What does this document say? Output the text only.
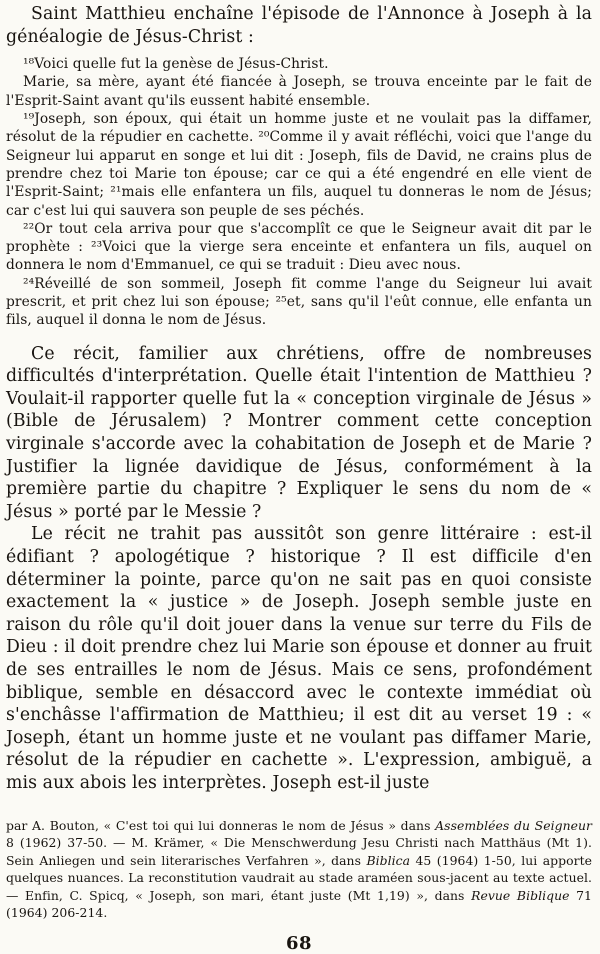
Saint Matthieu enchaîne l'épisode de l'Annonce à Joseph à la généalogie de Jésus-Christ :

¹⁸Voici quelle fut la genèse de Jésus-Christ.

Marie, sa mère, ayant été fiancée à Joseph, se trouva enceinte par le fait de l'Esprit-Saint avant qu'ils eussent habité ensemble.

¹⁹Joseph, son époux, qui était un homme juste et ne voulait pas la diffamer, résolut de la répudier en cachette. ²⁰Comme il y avait réfléchi, voici que l'ange du Seigneur lui apparut en songe et lui dit : Joseph, fils de David, ne crains plus de prendre chez toi Marie ton épouse; car ce qui a été engendré en elle vient de l'Esprit-Saint; ²¹mais elle enfantera un fils, auquel tu donneras le nom de Jésus; car c'est lui qui sauvera son peuple de ses péchés.

²²Or tout cela arriva pour que s'accomplît ce que le Seigneur avait dit par le prophète : ²³Voici que la vierge sera enceinte et enfantera un fils, auquel on donnera le nom d'Emmanuel, ce qui se traduit : Dieu avec nous.

²⁴Réveillé de son sommeil, Joseph fit comme l'ange du Seigneur lui avait prescrit, et prit chez lui son épouse; ²⁵et, sans qu'il l'eût connue, elle enfanta un fils, auquel il donna le nom de Jésus.

Ce récit, familier aux chrétiens, offre de nombreuses difficultés d'interprétation. Quelle était l'intention de Matthieu ? Voulait-il rapporter quelle fut la « conception virginale de Jésus » (Bible de Jérusalem) ? Montrer comment cette conception virginale s'accorde avec la cohabitation de Joseph et de Marie ? Justifier la lignée davidique de Jésus, conformément à la première partie du chapitre ? Expliquer le sens du nom de « Jésus » porté par le Messie ?

Le récit ne trahit pas aussitôt son genre littéraire : est-il édifiant ? apologétique ? historique ? Il est difficile d'en déterminer la pointe, parce qu'on ne sait pas en quoi consiste exactement la « justice » de Joseph. Joseph semble juste en raison du rôle qu'il doit jouer dans la venue sur terre du Fils de Dieu : il doit prendre chez lui Marie son épouse et donner au fruit de ses entrailles le nom de Jésus. Mais ce sens, profondément biblique, semble en désaccord avec le contexte immédiat où s'enchâsse l'affirmation de Matthieu; il est dit au verset 19 : « Joseph, étant un homme juste et ne voulant pas diffamer Marie, résolut de la répudier en cachette ». L'expression, ambiguë, a mis aux abois les interprètes. Joseph est-il juste

par A. Bouton, « C'est toi qui lui donneras le nom de Jésus » dans Assemblées du Seigneur 8 (1962) 37-50. — M. Krämer, « Die Menschwerdung Jesu Christi nach Matthäus (Mt 1). Sein Anliegen und sein literarisches Verfahren », dans Biblica 45 (1964) 1-50, lui apporte quelques nuances. La reconstitution vaudrait au stade araméen sous-jacent au texte actuel. — Enfin, C. Spicq, « Joseph, son mari, étant juste (Mt 1,19) », dans Revue Biblique 71 (1964) 206-214.
68
